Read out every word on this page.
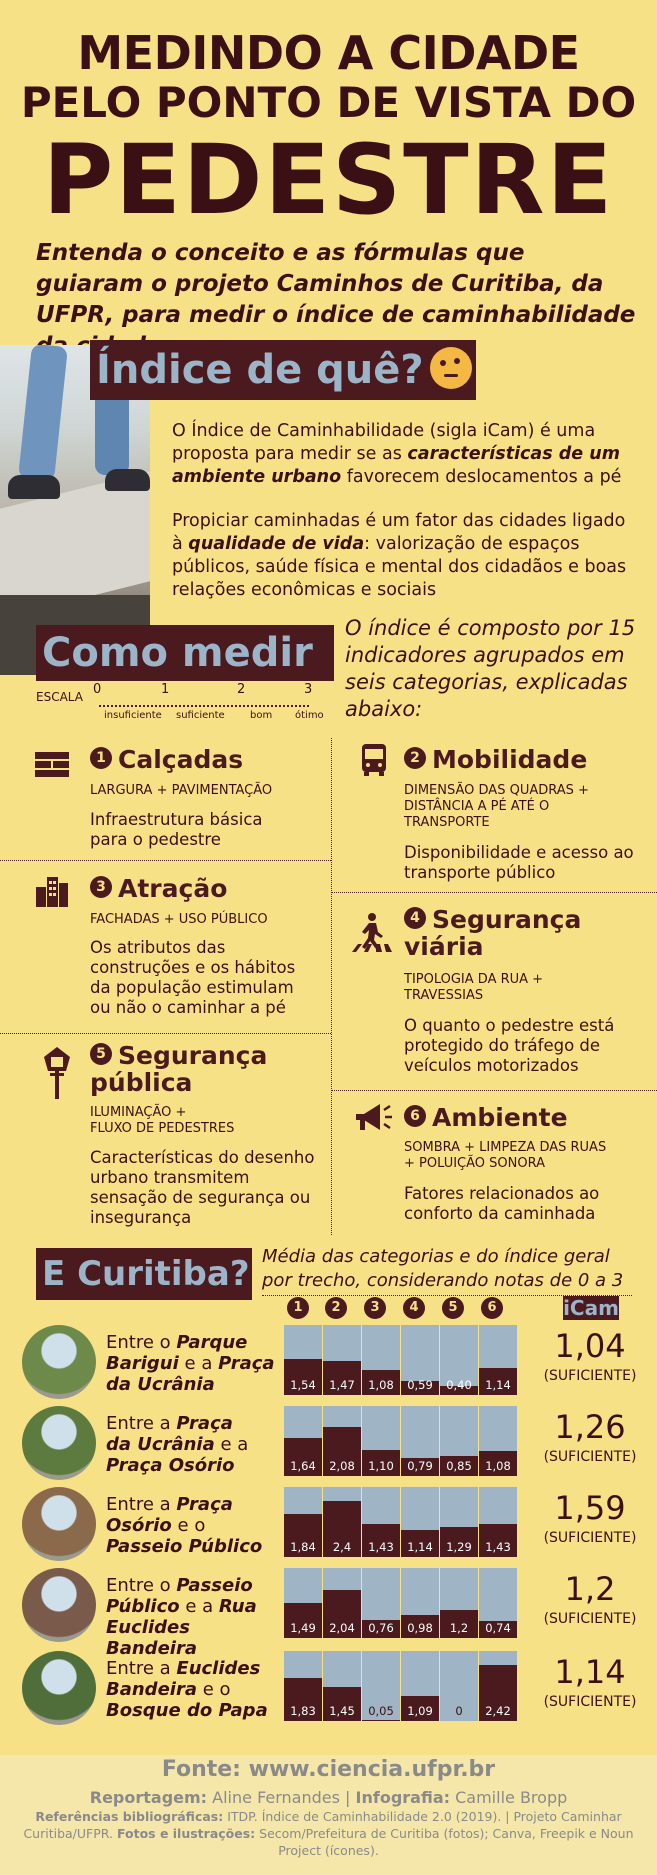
MEDINDO A CIDADE
PELO PONTO DE VISTA DO
PEDESTRE
Entenda o conceito e as fórmulas que guiaram o projeto Caminhos de Curitiba, da UFPR, para medir o índice de caminhabilidade
Índice de quê?
O Índice de Caminhabilidade (sigla iCam) é uma proposta para medir se as características de um ambiente urbano favorecem deslocamentos a pé
Propiciar caminhadas é um fator das cidades ligado à qualidade de vida: valorização de espaços públicos, saúde física e mental dos cidadãos e boas relações econômicas e sociais
Como medir
O índice é composto por 15 indicadores agrupados em seis categorias, explicadas abaixo:
ESCALA 0	1	2	3
insuficiente suficiente	bom ótimo
1 Calçadas
LARGURA + PAVIMENTAÇÃO
Infraestrutura básica para o pedestre
2 Mobilidade
DIMENSÃO DAS QUADRAS + DISTÂNCIA A PÉ ATÉ O TRANSPORTE
Disponibilidade e acesso ao transporte público
3 Atração
FACHADAS + USO PÚBLICO
Os atributos das construções e os hábitos da população estimulam ou não o caminhar a pé
4 Segurança
viária
TIPOLOGIA DA RUA + TRAVESSIAS
O quanto o pedestre está protegido do tráfego de veículos motorizados
5 Segurança
pública
ILUMINAÇÃO +
FLUXO DE PEDESTRES
Características do desenho urbano transmitem sensação de segurança ou insegurança
6 Ambiente
SOMBRA + LIMPEZA DAS RUAS + POLUIÇÃO SONORA
Fatores relacionados ao conforto da caminhada
E Curitiba? Média das categorias e do índice geral por trecho, considerando notas de 0 a 3
1	2	3	4	5	6	iCam
Entre o Parque
Barigui e a Praça
da Ucrânia	1,54	1,47	1,08	0,59	0,40	1,14
1,04
(SUFICIENTE)
Entre a Praça
da Ucrânia e a
Praça Osório	1,64	2,08	1,10	0,79	0,85	1,08
1,26
(SUFICIENTE)
Entre a Praça
Osório e o
Passeio Público	1,84	2,4	1,43	1,14	1,29	1,43
1,59
(SUFICIENTE)
Entre o Passeio
Público e a Rua
Euclides Bandeira
1,49	2,04	0,76	0,98	1,2	0,74
1,2
(SUFICIENTE)
Entre a Euclides
Bandeira e o
Bosque do Papa	1,83	1,45	0,05	1,09	0	2,42
1,14
(SUFICIENTE)
Fonte: www.ciencia.ufpr.br
Reportagem: Aline Fernandes | Infografia: Camille Bropp
Referências bibliográficas: ITDP. Índice de Caminhabilidade 2.0 (2019). | Projeto Caminhar Curitiba/UFPR. Fotos e ilustrações: Secom/Prefeitura de Curitiba (fotos); Canva, Freepik e Noun Project (ícones).
